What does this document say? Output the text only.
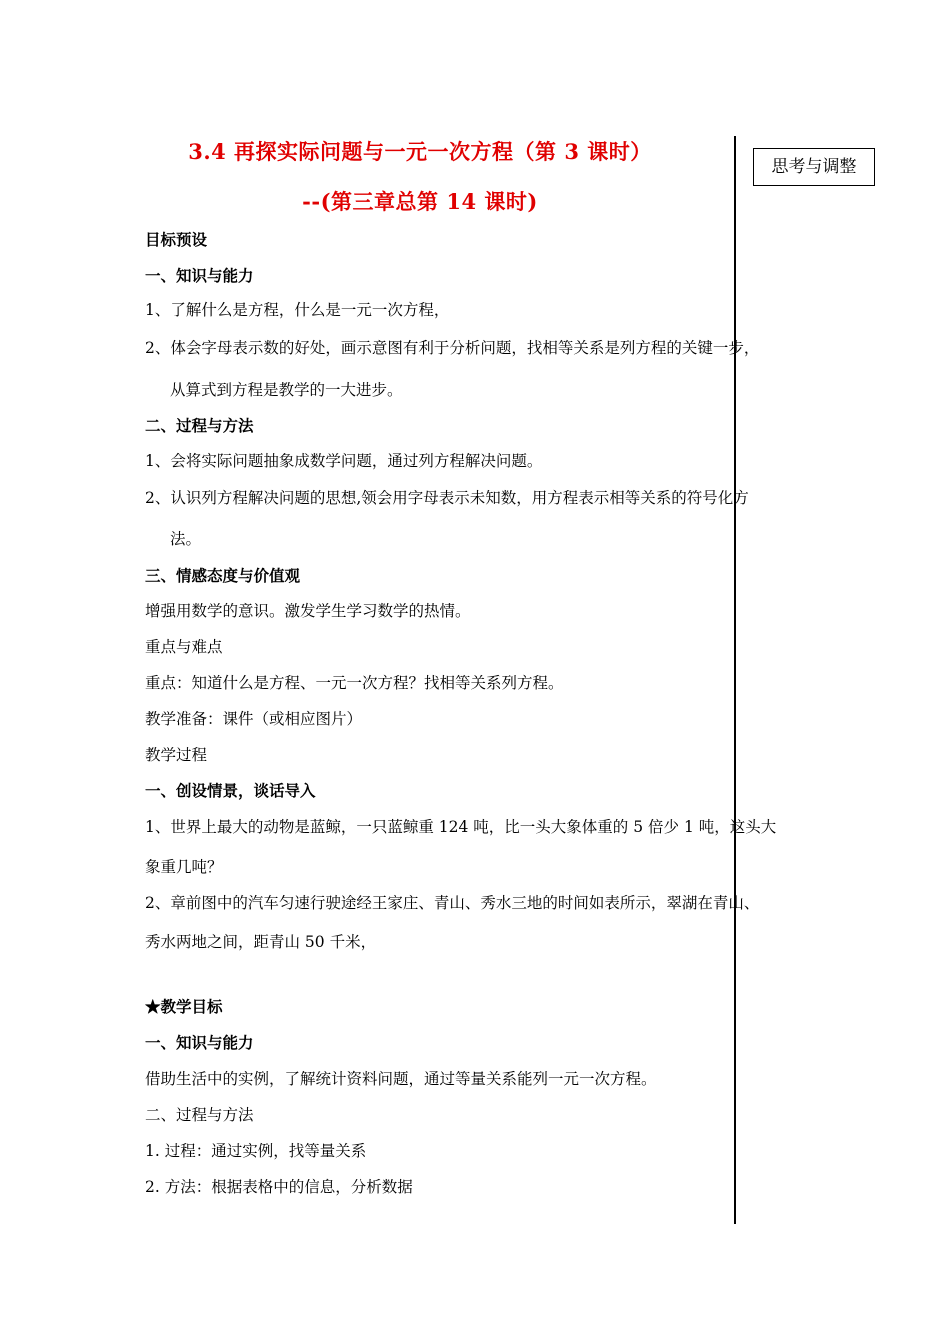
3.4 再探实际问题与一元一次方程（第 3 课时）
--(第三章总第 14 课时)
思考与调整
目标预设
一、知识与能力
1、了解什么是方程，什么是一元一次方程，
2、体会字母表示数的好处，画示意图有利于分析问题，找相等关系是列方程的关键一步，
从算式到方程是教学的一大进步。
二、过程与方法
1、会将实际问题抽象成数学问题，通过列方程解决问题。
2、认识列方程解决问题的思想,领会用字母表示未知数，用方程表示相等关系的符号化方
法。
三、情感态度与价值观
增强用数学的意识。激发学生学习数学的热情。
重点与难点
重点：知道什么是方程、一元一次方程？找相等关系列方程。
教学准备：课件（或相应图片）
教学过程
一、创设情景，谈话导入
1、世界上最大的动物是蓝鲸，一只蓝鲸重 124 吨，比一头大象体重的 5 倍少 1 吨，这头大
象重几吨？
2、章前图中的汽车匀速行驶途经王家庄、青山、秀水三地的时间如表所示，翠湖在青山、
秀水两地之间，距青山 50 千米，
★教学目标
一、知识与能力
借助生活中的实例，了解统计资料问题，通过等量关系能列一元一次方程。
二、过程与方法
1. 过程：通过实例，找等量关系
2. 方法：根据表格中的信息，分析数据
